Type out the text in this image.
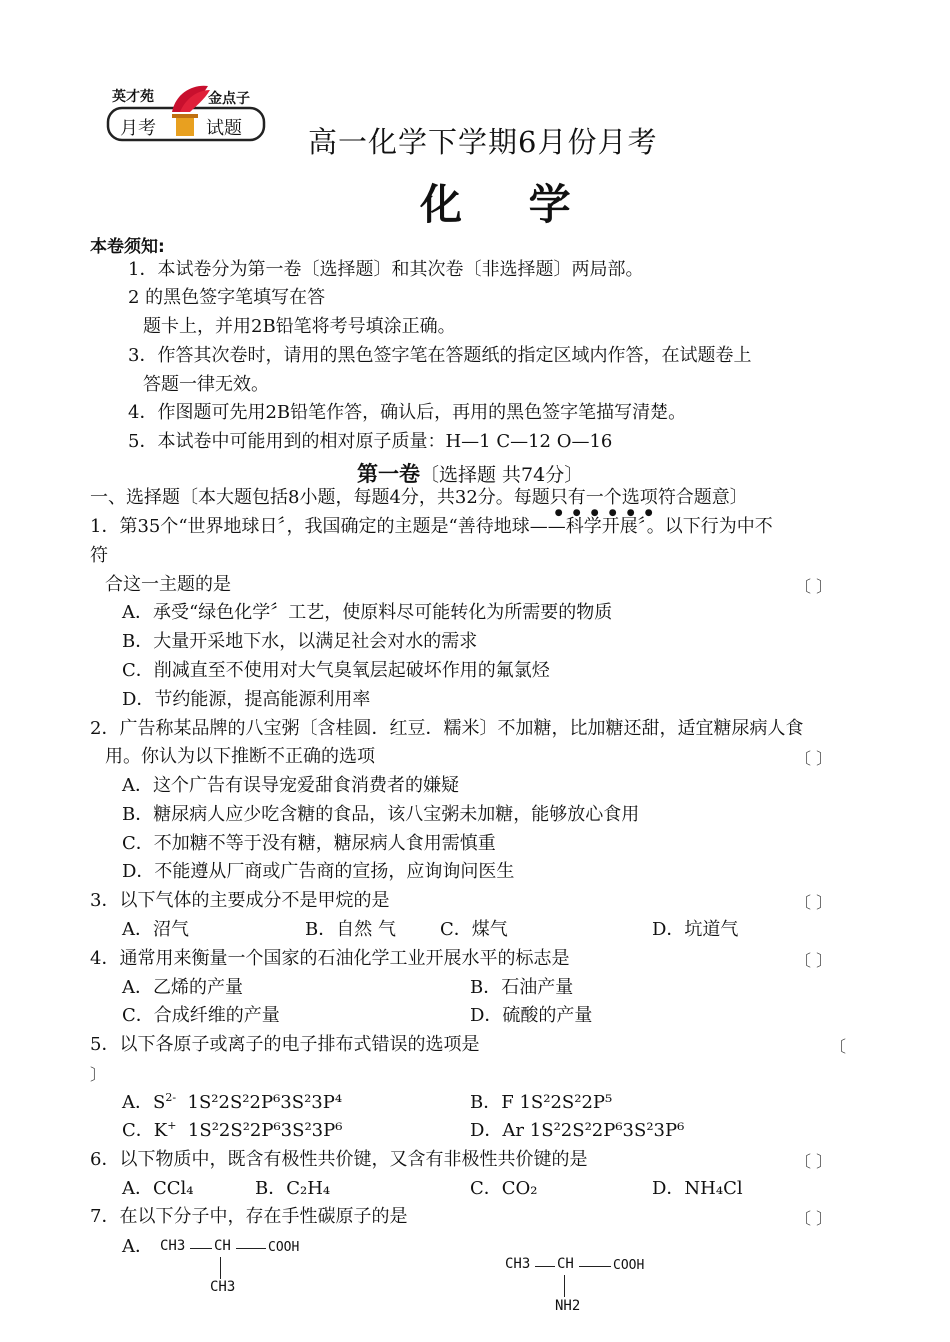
英才苑	金点子
月考	试题 高一化学下学期6月份月考
化 学
本卷须知:
1．本试卷分为第一卷〔选择题〕和其次卷〔非选择题〕两局部。
2 的黑色签字笔填写在答
题卡上，并用2B铅笔将考号填涂正确。
3．作答其次卷时，请用的黑色签字笔在答题纸的指定区域内作答，在试题卷上
答题一律无效。
4．作图题可先用2B铅笔作答，确认后，再用的黑色签字笔描写清楚。
5．本试卷中可能用到的相对原子质量：H—1 C—12 O—16
第一卷〔选择题 共74分〕
一、选择题〔本大题包括8小题，每题4分，共32分。每题只有一个选项符合题意〕
1．第35个“世界地球日〞，我国确定的主题是“善待地球——科学开展〞。以下行为中不
符
合这一主题的是	〔 〕
A．承受“绿色化学〞工艺，使原料尽可能转化为所需要的物质
B．大量开采地下水，以满足社会对水的需求
C．削减直至不使用对大气臭氧层起破坏作用的氟氯烃
D．节约能源，提高能源利用率
2．广告称某品牌的八宝粥〔含桂圆．红豆．糯米〕不加糖，比加糖还甜，适宜糖尿病人食
用。你认为以下推断不正确的选项	〔 〕
A．这个广告有误导宠爱甜食消费者的嫌疑
B．糖尿病人应少吃含糖的食品，该八宝粥未加糖，能够放心食用
C．不加糖不等于没有糖，糖尿病人食用需慎重
D．不能遵从厂商或广告商的宣扬，应询询问医生
3．以下气体的主要成分不是甲烷的是	〔 〕
A．沼气	B．自然 气 C．煤气	D．坑道气
4．通常用来衡量一个国家的石油化学工业开展水平的标志是	〔 〕
A．乙烯的产量	B．石油产量
C．合成纤维的产量	D．硫酸的产量
5．以下各原子或离子的电子排布式错误的选项是	〔
〕
A．$S^{2-}$ 1S²2S²2P⁶3S²3P⁴	B．F 1S²2S²2P⁵
C．K+ 1S²2S²2P⁶3S²3P⁶	D．Ar 1S²2S²2P⁶3S²3P⁶
6．以下物质中，既含有极性共价键，又含有非极性共价键的是	〔 〕
A．CCl₄	B．C₂H₄	C．CO₂	D．NH₄Cl
7．在以下分子中，存在手性碳原子的是	〔 〕
A． CH3 CH	COOH
CH3
CH3 CH	COOH
NH2
